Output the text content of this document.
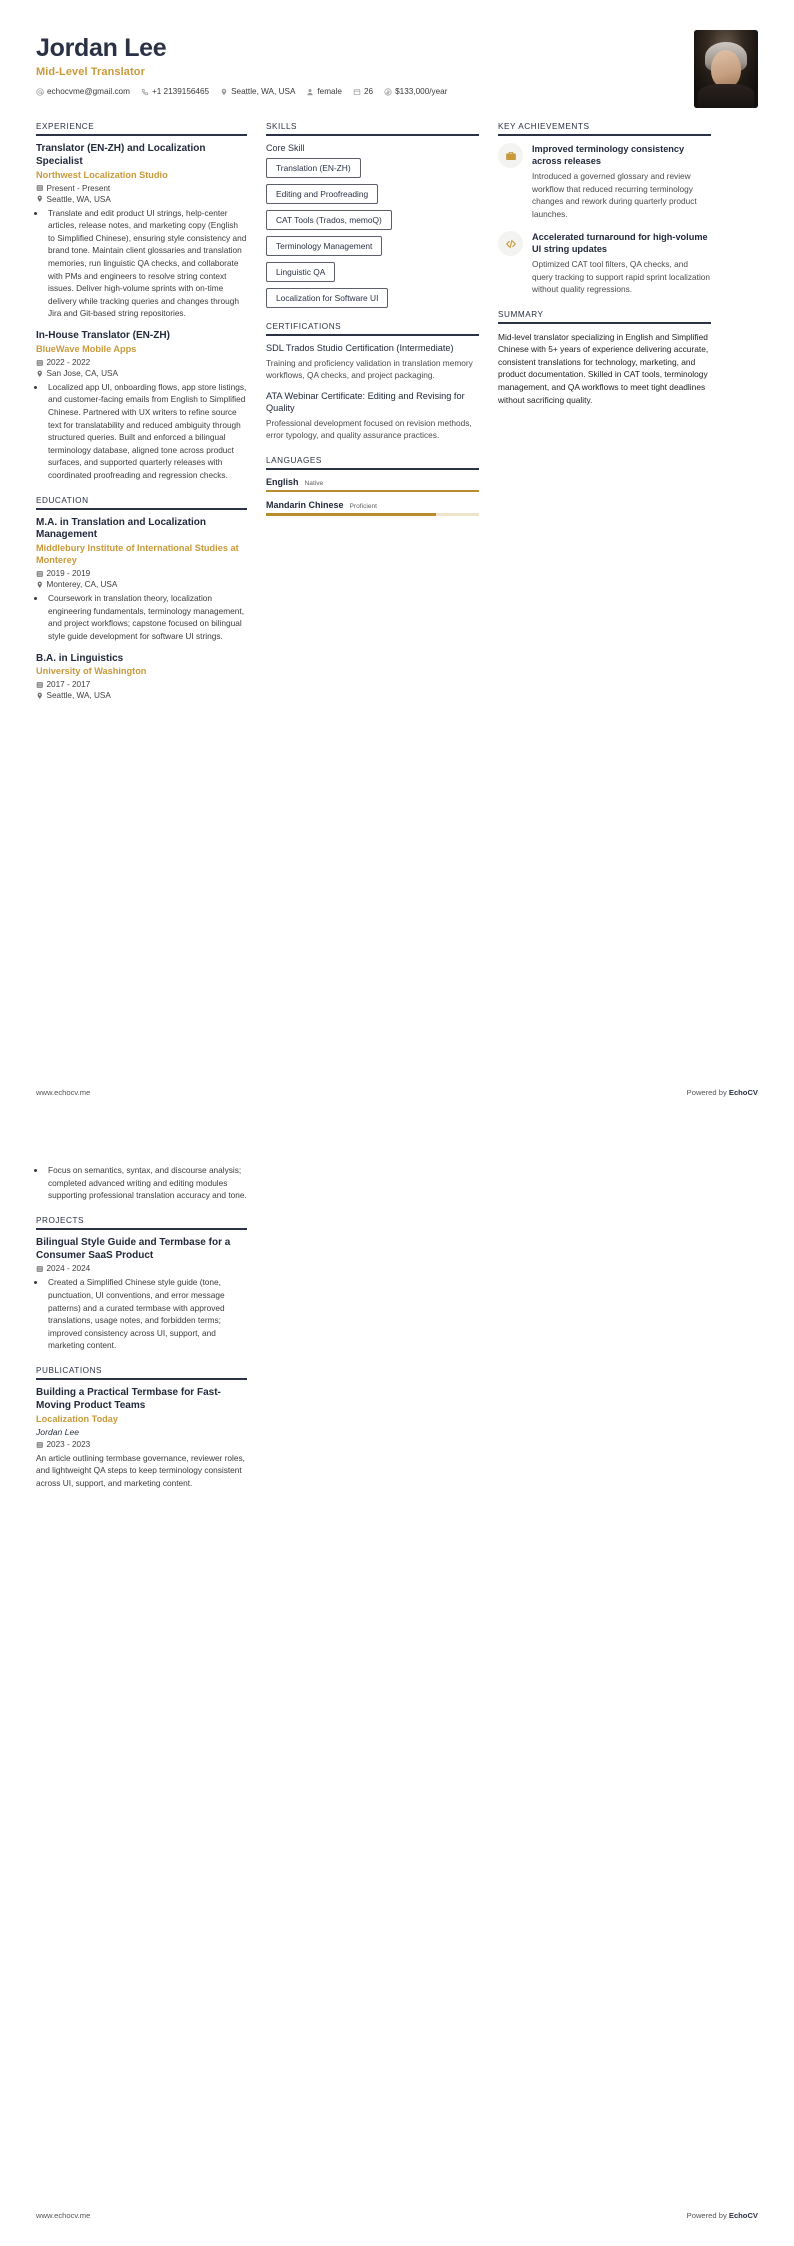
Jordan Lee
Mid-Level Translator
echocvme@gmail.com	+1 2139156465	Seattle, WA, USA	female	26	$133,000/year
EXPERIENCE
Translator (EN-ZH) and Localization Specialist
Northwest Localization Studio
Present - Present
Seattle, WA, USA
• Translate and edit product UI strings, help-center articles, release notes, and marketing copy (English to Simplified Chinese), ensuring style consistency and brand tone. Maintain client glossaries and translation memories, run linguistic QA checks, and collaborate with PMs and engineers to resolve string context issues. Deliver high-volume sprints with on-time delivery while tracking queries and changes through Jira and Git-based string repositories.
In-House Translator (EN-ZH)
BlueWave Mobile Apps
2022 - 2022
San Jose, CA, USA
• Localized app UI, onboarding flows, app store listings, and customer-facing emails from English to Simplified Chinese. Partnered with UX writers to refine source text for translatability and reduced ambiguity through structured queries. Built and enforced a bilingual terminology database, aligned tone across product surfaces, and supported quarterly releases with coordinated proofreading and regression checks.
EDUCATION
M.A. in Translation and Localization Management
Middlebury Institute of International Studies at Monterey
2019 - 2019
Monterey, CA, USA
• Coursework in translation theory, localization engineering fundamentals, terminology management, and project workflows; capstone focused on bilingual style guide development for software UI strings.
B.A. in Linguistics
University of Washington
2017 - 2017
Seattle, WA, USA
SKILLS
Core Skill
Translation (EN-ZH)
Editing and Proofreading
CAT Tools (Trados, memoQ)
Terminology Management
Linguistic QA
Localization for Software UI
CERTIFICATIONS
SDL Trados Studio Certification (Intermediate)
Training and proficiency validation in translation memory workflows, QA checks, and project packaging.
ATA Webinar Certificate: Editing and Revising for Quality
Professional development focused on revision methods, error typology, and quality assurance practices.
LANGUAGES
English Native
Mandarin Chinese Proficient
KEY ACHIEVEMENTS
Improved terminology consistency across releases
Introduced a governed glossary and review workflow that reduced recurring terminology changes and rework during quarterly product launches.
Accelerated turnaround for high-volume UI string updates
Optimized CAT tool filters, QA checks, and query tracking to support rapid sprint localization without quality regressions.
SUMMARY
Mid-level translator specializing in English and Simplified Chinese with 5+ years of experience delivering accurate, consistent translations for technology, marketing, and product documentation. Skilled in CAT tools, terminology management, and QA workflows to meet tight deadlines without sacrificing quality.
www.echocv.me	Powered by EchoCV
• Focus on semantics, syntax, and discourse analysis; completed advanced writing and editing modules supporting professional translation accuracy and tone.
PROJECTS
Bilingual Style Guide and Termbase for a Consumer SaaS Product
2024 - 2024
• Created a Simplified Chinese style guide (tone, punctuation, UI conventions, and error message patterns) and a curated termbase with approved translations, usage notes, and forbidden terms; improved consistency across UI, support, and marketing content.
PUBLICATIONS
Building a Practical Termbase for Fast-Moving Product Teams
Localization Today
Jordan Lee
2023 - 2023
An article outlining termbase governance, reviewer roles, and lightweight QA steps to keep terminology consistent across UI, support, and marketing content.
www.echocv.me	Powered by EchoCV
